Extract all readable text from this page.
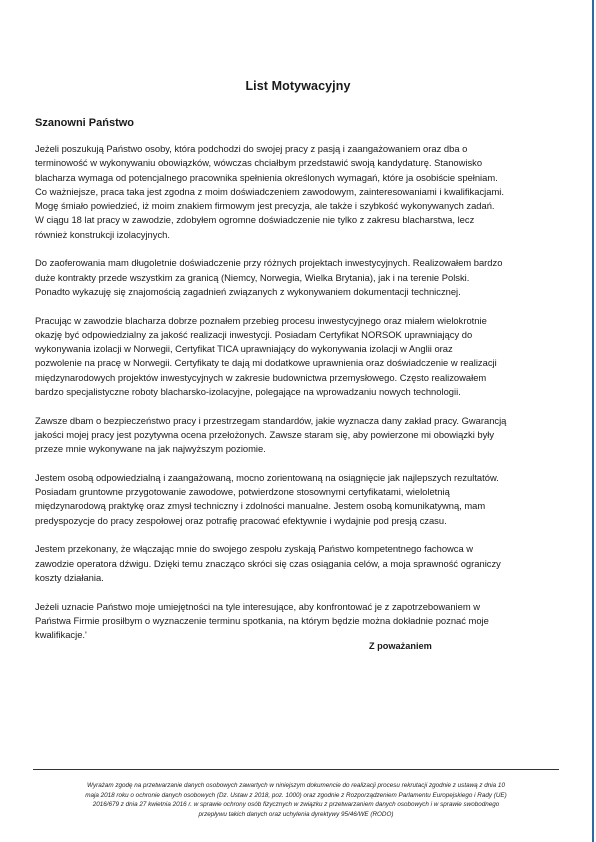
List Motywacyjny
Szanowni Państwo

Jeżeli poszukują Państwo osoby, która podchodzi do swojej pracy z pasją i zaangażowaniem oraz dba o
terminowość w wykonywaniu obowiązków, wówczas chciałbym przedstawić swoją kandydaturę. Stanowisko
blacharza wymaga od potencjalnego pracownika spełnienia określonych wymagań, które ja osobiście spełniam.
Co ważniejsze, praca taka jest zgodna z moim doświadczeniem zawodowym, zainteresowaniami i kwalifikacjami.
Mogę śmiało powiedzieć, iż moim znakiem firmowym jest precyzja, ale także i szybkość wykonywanych zadań.
W ciągu 18 lat pracy w zawodzie, zdobyłem ogromne doświadczenie nie tylko z zakresu blacharstwa, lecz
również konstrukcji izolacyjnych.

Do zaoferowania mam długoletnie doświadczenie przy różnych projektach inwestycyjnych. Realizowałem bardzo
duże kontrakty przede wszystkim za granicą (Niemcy, Norwegia, Wielka Brytania), jak i na terenie Polski.
Ponadto wykazuję się znajomością zagadnień związanych z wykonywaniem dokumentacji technicznej.

Pracując w zawodzie blacharza dobrze poznałem przebieg procesu inwestycyjnego oraz miałem wielokrotnie
okazję być odpowiedzialny za jakość realizacji inwestycji. Posiadam Certyfikat NORSOK uprawniający do
wykonywania izolacji w Norwegii, Certyfikat TICA uprawniający do wykonywania izolacji w Anglii oraz
pozwolenie na pracę w Norwegii. Certyfikaty te dają mi dodatkowe uprawnienia oraz doświadczenie w realizacji
międzynarodowych projektów inwestycyjnych w zakresie budownictwa przemysłowego. Często realizowałem
bardzo specjalistyczne roboty blacharsko-izolacyjne, polegające na wprowadzaniu nowych technologii.

Zawsze dbam o bezpieczeństwo pracy i przestrzegam standardów, jakie wyznacza dany zakład pracy. Gwarancją
jakości mojej pracy jest pozytywna ocena przełożonych. Zawsze staram się, aby powierzone mi obowiązki były
przeze mnie wykonywane na jak najwyższym poziomie.

Jestem osobą odpowiedzialną i zaangażowaną, mocno zorientowaną na osiągnięcie jak najlepszych rezultatów.
Posiadam gruntowne przygotowanie zawodowe, potwierdzone stosownymi certyfikatami, wieloletnią
międzynarodową praktykę oraz zmysł techniczny i zdolności manualne. Jestem osobą komunikatywną, mam
predyspozycje do pracy zespołowej oraz potrafię pracować efektywnie i wydajnie pod presją czasu.

Jestem przekonany, że włączając mnie do swojego zespołu zyskają Państwo kompetentnego fachowca w
zawodzie operatora dźwigu. Dzięki temu znacząco skróci się czas osiągania celów, a moja sprawność ograniczy
koszty działania.

Jeżeli uznacie Państwo moje umiejętności na tyle interesujące, aby konfrontować je z zapotrzebowaniem w
Państwa Firmie prosiłbym o wyznaczenie terminu spotkania, na którym będzie można dokładnie poznać moje
kwalifikacje.'

Z poważaniem
Wyrażam zgodę na przetwarzanie danych osobowych zawartych w niniejszym dokumencie do realizacji procesu rekrutacji zgodnie z ustawą z dnia 10
maja 2018 roku o ochronie danych osobowych (Dz. Ustaw z 2018, poz. 1000) oraz zgodnie z Rozporządzeniem Parlamentu Europejskiego i Rady (UE)
2016/679 z dnia 27 kwietnia 2016 r. w sprawie ochrony osób fizycznych w związku z przetwarzaniem danych osobowych i w sprawie swobodnego
przepływu takich danych oraz uchylenia dyrektywy 95/46/WE (RODO)
